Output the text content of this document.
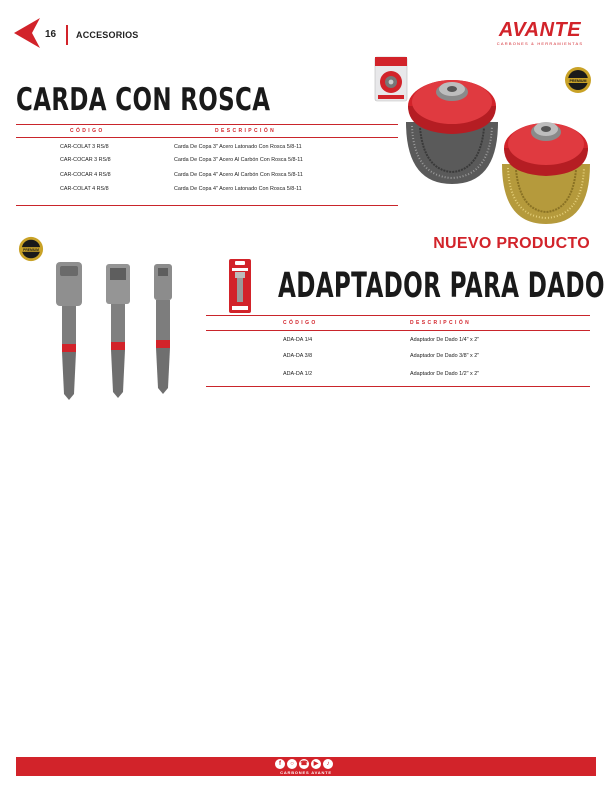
16 ACCESORIOS	AVANTE
CARBONES & HERRAMIENTAS
CARDA CON ROSCA
CÓDIGO	DESCRIPCIÓN
CAR-COLAT 3 RS/8	Carda De Copa 3" Acero Latonado Con Rosca 5/8-11
CAR-COCAR 3 RS/8	Carda De Copa 3" Acero Al Carbón Con Rosca 5/8-11
CAR-COCAR 4 RS/8	Carda De Copa 4" Acero Al Carbón Con Rosca 5/8-11
CAR-COLAT 4 RS/8	Carda De Copa 4" Acero Latonado Con Rosca 5/8-11
PREMIUM
PREMIUM	NUEVO PRODUCTO
ADAPTADOR PARA DADO
CÓDIGO	DESCRIPCIÓN
ADA-DA 1/4	Adaptador De Dado 1/4" x 2"
ADA-DA 3/8	Adaptador De Dado 3/8" x 2"
ADA-DA 1/2	Adaptador De Dado 1/2" x 2"
f	○	☎ ▶	♪
CARBONES AVANTE
